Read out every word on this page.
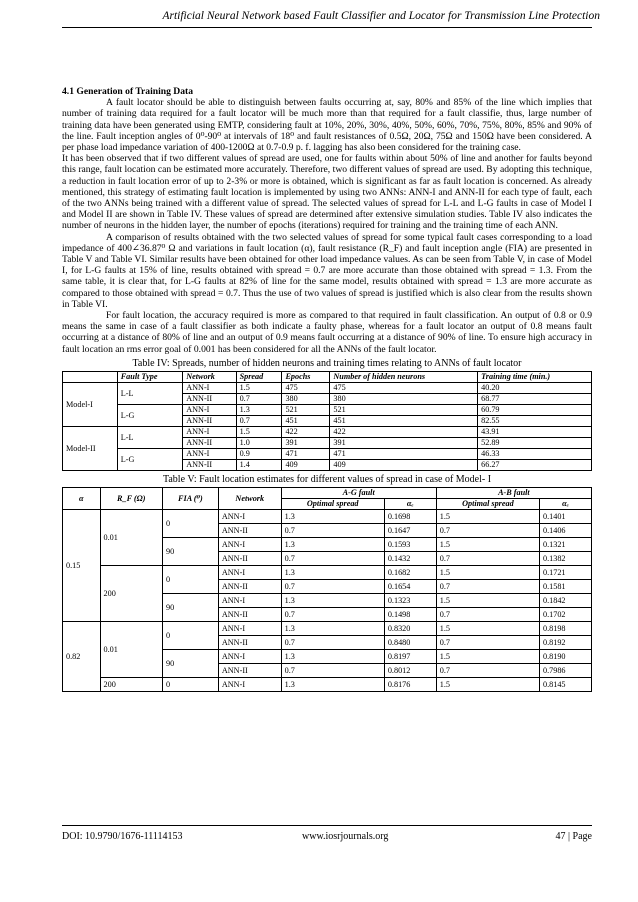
Artificial Neural Network based Fault Classifier and Locator for Transmission Line Protection
4.1 Generation of Training Data

A fault locator should be able to distinguish between faults occurring at, say, 80% and 85% of the line which implies that number of training data required for a fault locator will be much more than that required for a fault classifie, thus, large number of training data have been generated using EMTP, considering fault at 10%, 20%, 30%, 40%, 50%, 60%, 70%, 75%, 80%, 85% and 90% of the line. Fault inception angles of 0⁰-90⁰ at intervals of 18⁰ and fault resistances of 0.5Ω, 20Ω, 75Ω and 150Ω have been considered. A per phase load impedance variation of 400-1200Ω at 0.7-0.9 p. f. lagging has also been considered for the training case.

It has been observed that if two different values of spread are used, one for faults within about 50% of line and another for faults beyond this range, fault location can be estimated more accurately. Therefore, two different values of spread are used. By adopting this technique, a reduction in fault location error of up to 2-3% or more is obtained, which is significant as far as fault location is concerned. As already mentioned, this strategy of estimating fault location is implemented by using two ANNs: ANN-I and ANN-II for each type of fault, each of the two ANNs being trained with a different value of spread. The selected values of spread for L-L and L-G faults in case of Model I and Model II are shown in Table IV. These values of spread are determined after extensive simulation studies. Table IV also indicates the number of neurons in the hidden layer, the number of epochs (iterations) required for training and the training time of each ANN.

A comparison of results obtained with the two selected values of spread for some typical fault cases corresponding to a load impedance of 400∠36.87⁰ Ω and variations in fault location (α), fault resistance (R_F) and fault inception angle (FIA) are presented in Table V and Table VI. Similar results have been obtained for other load impedance values. As can be seen from Table V, in case of Model I, for L-G faults at 15% of line, results obtained with spread = 0.7 are more accurate than those obtained with spread = 1.3. From the same table, it is clear that, for L-G faults at 82% of line for the same model, results obtained with spread = 1.3 are more accurate as compared to those obtained with spread = 0.7. Thus the use of two values of spread is justified which is also clear from the results shown in Table VI.

For fault location, the accuracy required is more as compared to that required in fault classification. An output of 0.8 or 0.9 means the same in case of a fault classifier as both indicate a faulty phase, whereas for a fault locator an output of 0.8 means fault occurring at a distance of 80% of line and an output of 0.9 means fault occurring at a distance of 90% of line. To ensure high accuracy in fault location an rms error goal of 0.001 has been considered for all the ANNs of the fault locator.

Table IV: Spreads, number of hidden neurons and training times relating to ANNs of fault locator
	Fault Type	Network	Spread	Epochs	Number of hidden neurons	Training time (min.)
Model-I	L-L	ANN-I	1.5	475	475	40.20
		ANN-II	0.7	380	380	68.77
	L-G	ANN-I	1.3	521	521	60.79
		ANN-II	0.7	451	451	82.55
Model-II	L-L	ANN-I	1.5	422	422	43.91
		ANN-II	1.0	391	391	52.89
	L-G	ANN-I	0.9	471	471	46.33
		ANN-II	1.4	409	409	66.27
Table V: Fault location estimates for different values of spread in case of Model- I
α	R_F (Ω)	FIA (⁰)	Network	A-G fault		A-B fault	
				Optimal spread	αₑ	Optimal spread	αₑ
0.15	0.01	0	ANN-I	1.3	0.1698	1.5	0.1401
			ANN-II	0.7	0.1647	0.7	0.1406
		90	ANN-I	1.3	0.1593	1.5	0.1321
			ANN-II	0.7	0.1432	0.7	0.1382
	200	0	ANN-I	1.3	0.1682	1.5	0.1721
			ANN-II	0.7	0.1654	0.7	0.1581
		90	ANN-I	1.3	0.1323	1.5	0.1842
			ANN-II	0.7	0.1498	0.7	0.1702
0.82	0.01	0	ANN-I	1.3	0.8320	1.5	0.8198
			ANN-II	0.7	0.8480	0.7	0.8192
		90	ANN-I	1.3	0.8197	1.5	0.8190
			ANN-II	0.7	0.8012	0.7	0.7986
	200	0	ANN-I	1.3	0.8176	1.5	0.8145
DOI: 10.9790/1676-11114153	www.iosrjournals.org	47 | Page
